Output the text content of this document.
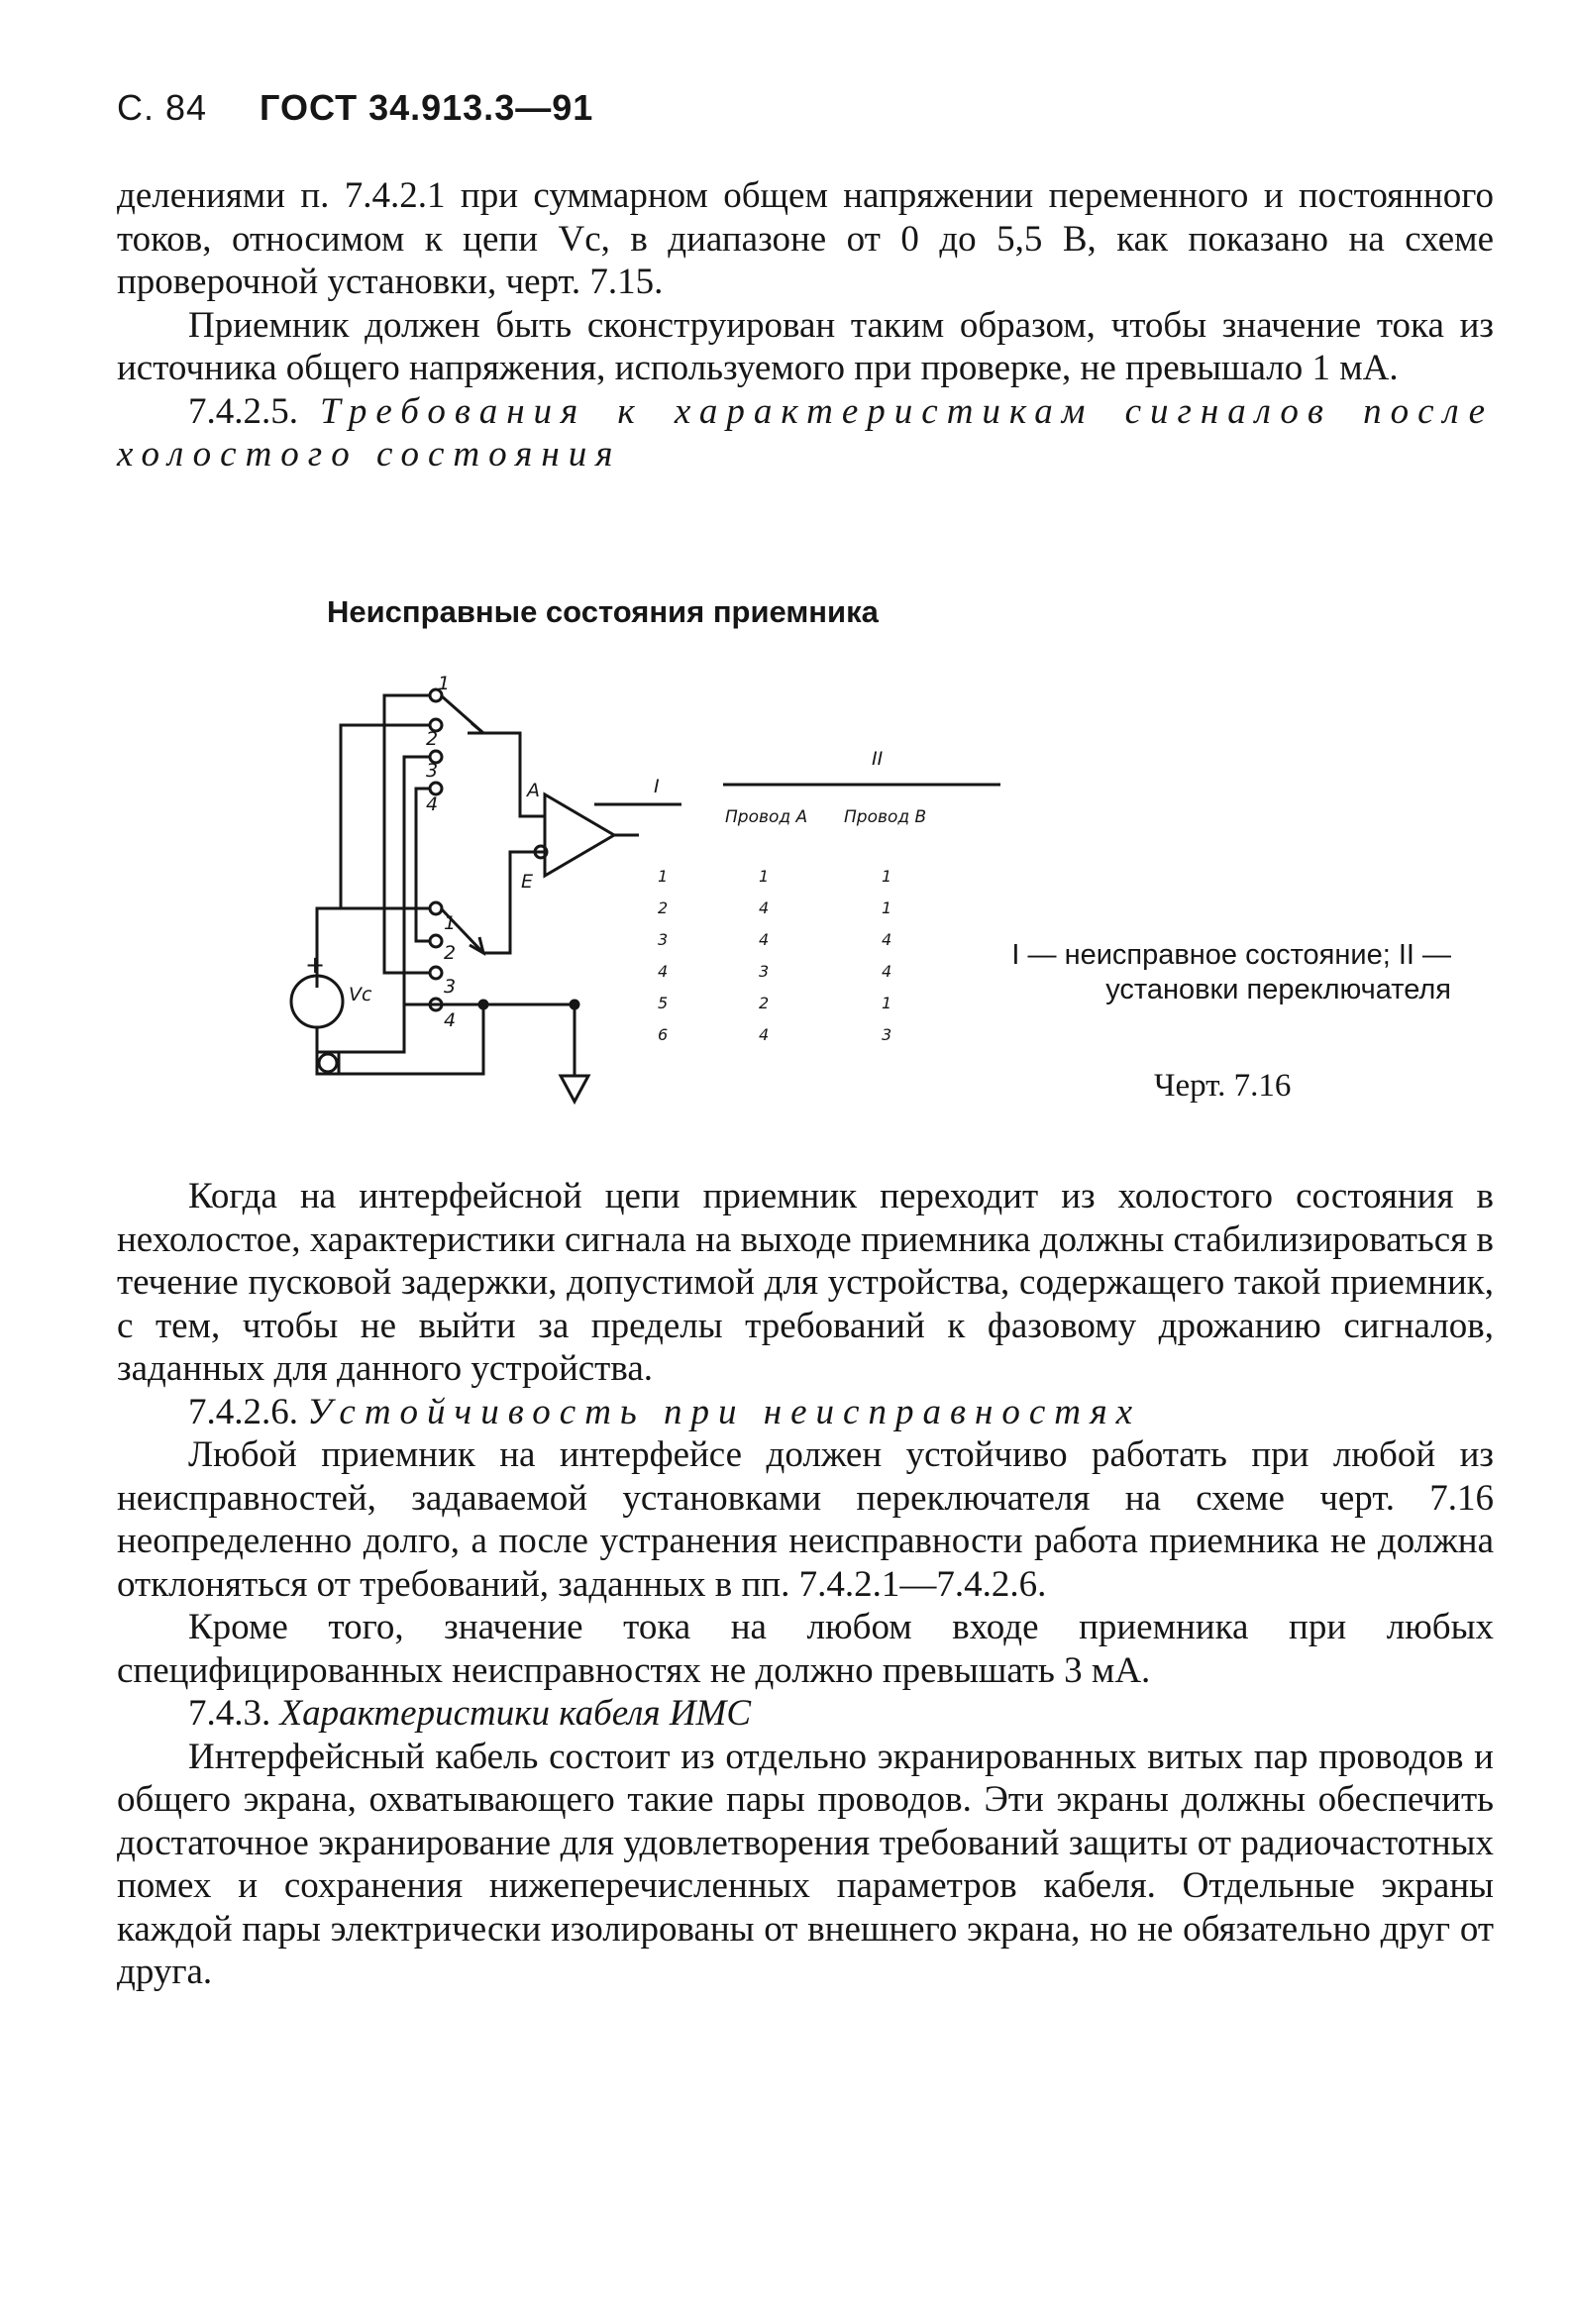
С. 84 ГОСТ 34.913.3—91

делениями п. 7.4.2.1 при суммарном общем напряжении переменного и постоянного токов, относимом к цепи Vс, в диапазоне от 0 до 5,5 В, как показано на схеме проверочной установки, черт. 7.15.

Приемник должен быть сконструирован таким образом, чтобы значение тока из источника общего напряжения, используемого при проверке, не превышало 1 мА.

7.4.2.5. Требования к характеристикам сигналов после холостого состояния

Неисправные состояния приемника
1
2
3
4
1
2
3
4
А
Е
+
Vс
I
II
Провод А Провод В
1
2
3
4
5
6
1
4
4
3
2
4
1
1
4
4
1
3
I — неисправное состояние; II — установки переключателя
Черт. 7.16

Когда на интерфейсной цепи приемник переходит из холостого состояния в нехолостое, характеристики сигнала на выходе приемника должны стабилизироваться в течение пусковой задержки, допустимой для устройства, содержащего такой приемник, с тем, чтобы не выйти за пределы требований к фазовому дрожанию сигналов, заданных для данного устройства.

7.4.2.6. Устойчивость при неисправностях

Любой приемник на интерфейсе должен устойчиво работать при любой из неисправностей, задаваемой установками переключателя на схеме черт. 7.16 неопределенно долго, а после устранения неисправности работа приемника не должна отклоняться от требований, заданных в пп. 7.4.2.1—7.4.2.6.

Кроме того, значение тока на любом входе приемника при любых специфицированных неисправностях не должно превышать 3 мА.

7.4.3. Характеристики кабеля ИМС

Интерфейсный кабель состоит из отдельно экранированных витых пар проводов и общего экрана, охватывающего такие пары проводов. Эти экраны должны обеспечить достаточное экранирование для удовлетворения требований защиты от радиочастотных помех и сохранения нижеперечисленных параметров кабеля. Отдельные экраны каждой пары электрически изолированы от внешнего экрана, но не обязательно друг от друга.
